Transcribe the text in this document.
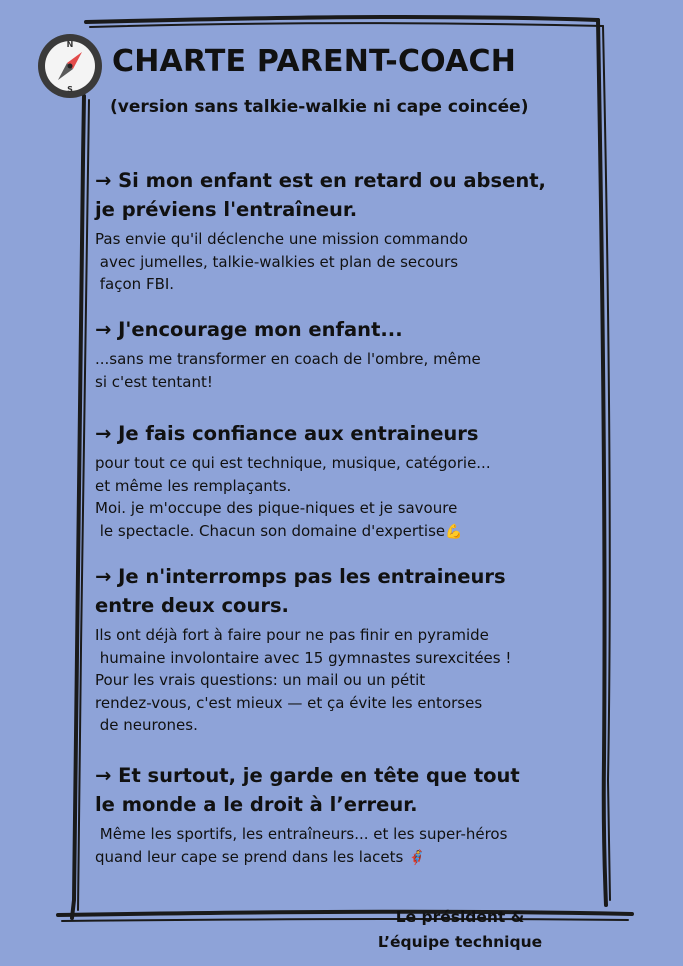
N
S
CHARTE PARENT-COACH
(version sans talkie-walkie ni cape coincée)
→ Si mon enfant est en retard ou absent,
je préviens l'entraîneur.

Pas envie qu'il déclenche une mission commando
avec jumelles, talkie-walkies et plan de secours
façon FBI.

→ J'encourage mon enfant...

...sans me transformer en coach de l'ombre, même
si c'est tentant!

→ Je fais confiance aux entraineurs

pour tout ce qui est technique, musique, catégorie...
et même les remplaçants.
Moi. je m'occupe des pique-niques et je savoure
le spectacle. Chacun son domaine d'expertise💪

→ Je n'interromps pas les entraineurs
entre deux cours.

Ils ont déjà fort à faire pour ne pas finir en pyramide
humaine involontaire avec 15 gymnastes surexcitées !
Pour les vrais questions: un mail ou un pétit
rendez-vous, c'est mieux — et ça évite les entorses
de neurones.

→ Et surtout, je garde en tête que tout
le monde a le droit à l’erreur.

Même les sportifs, les entraîneurs... et les super-héros
quand leur cape se prend dans les lacets 🦸

Le président &
L’équipe technique
